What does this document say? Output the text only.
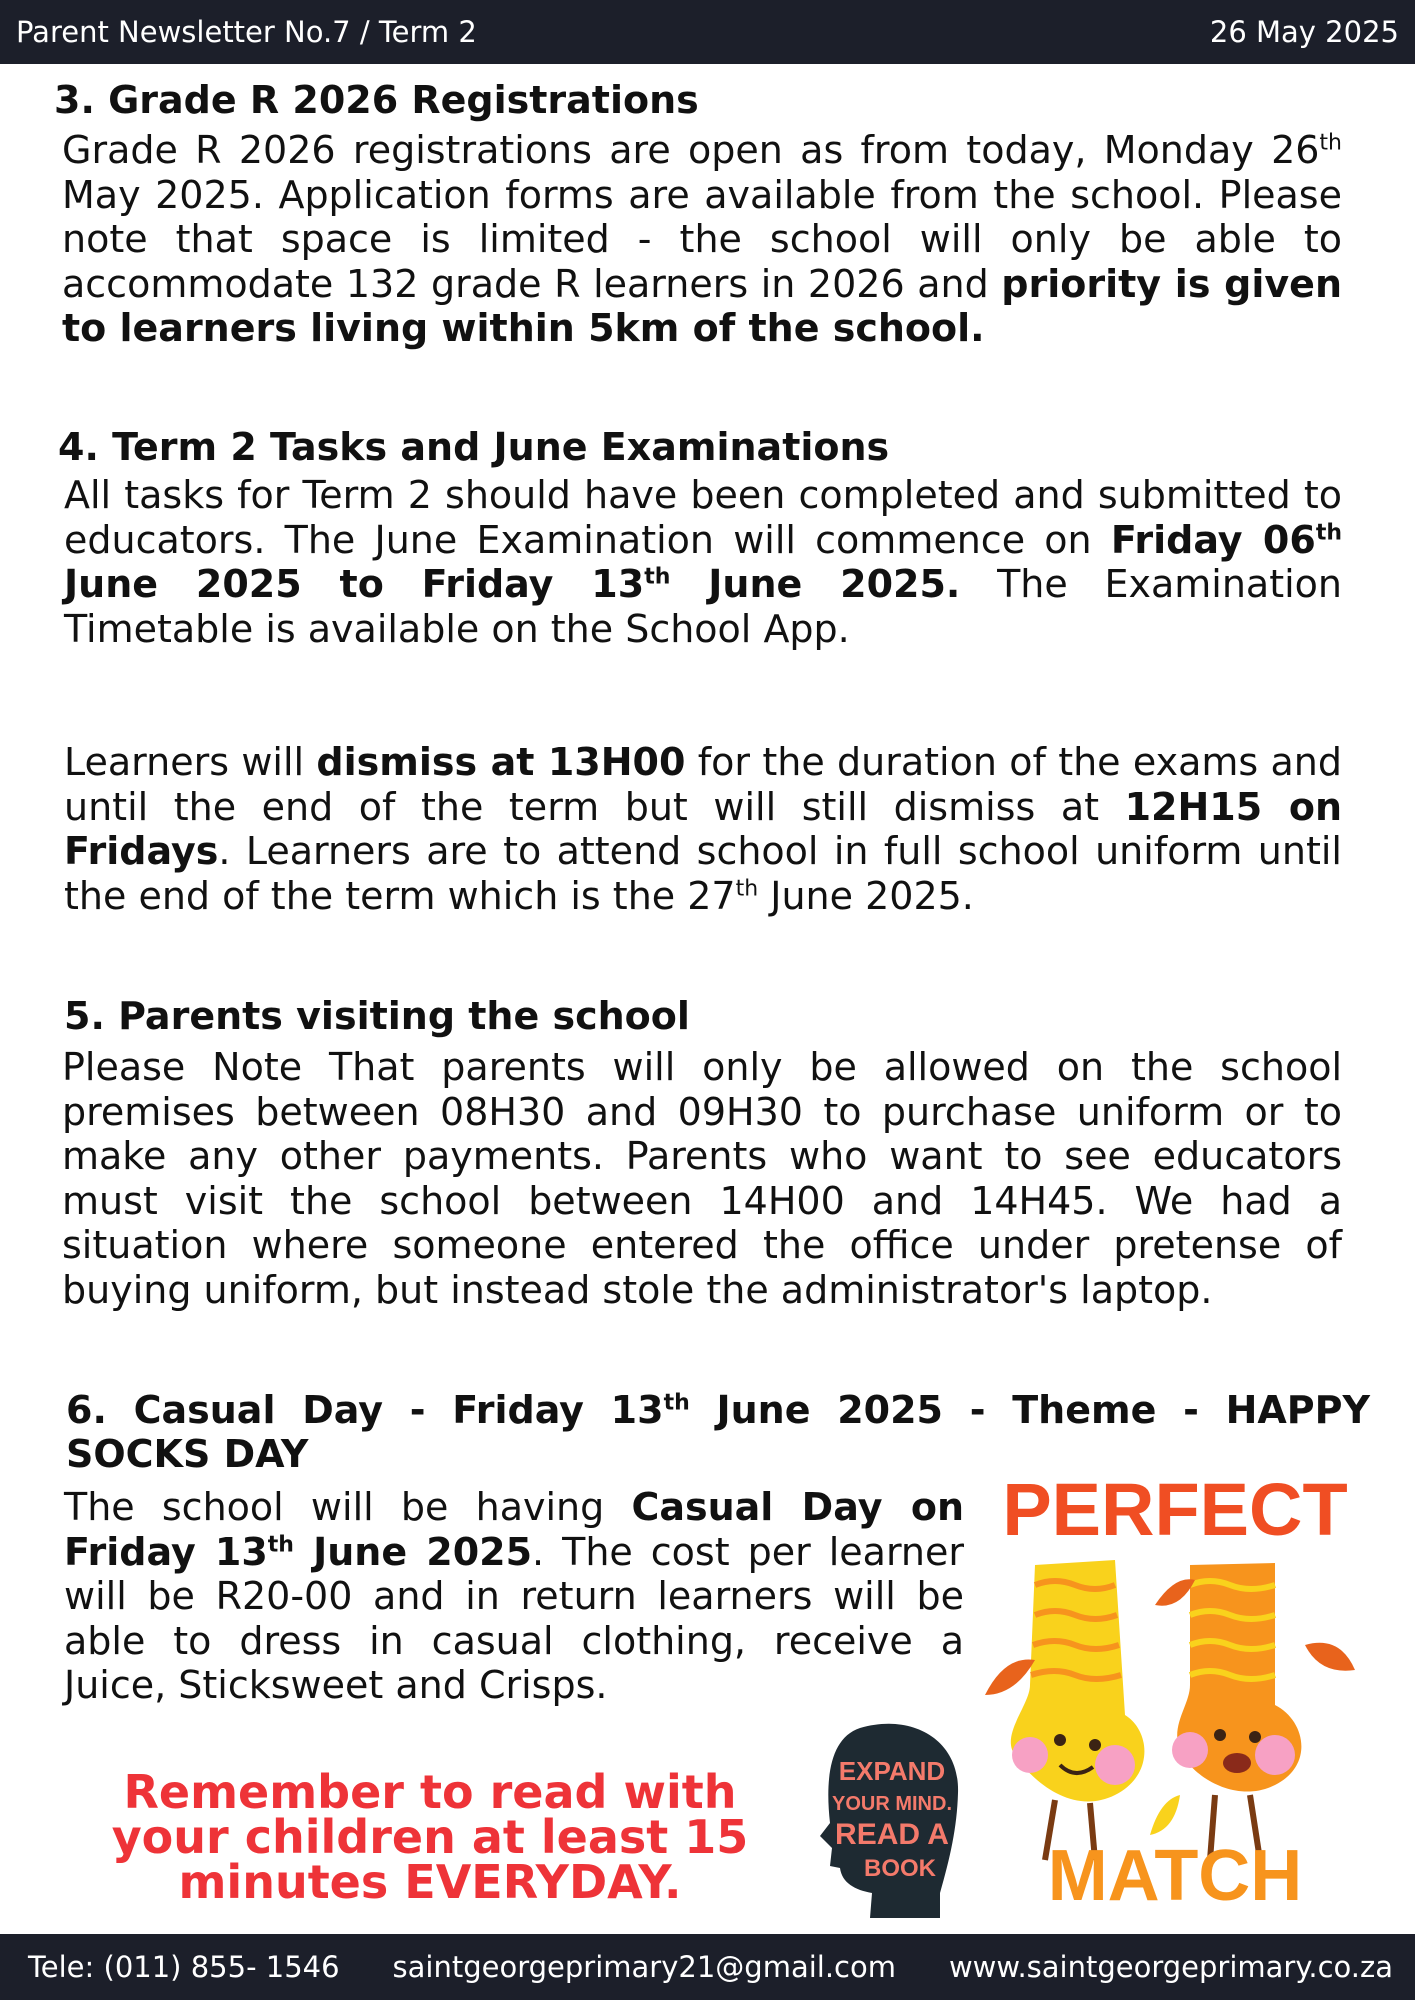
Parent Newsletter No.7 / Term 2	26 May 2025
3. Grade R 2026 Registrations

Grade R 2026 registrations are open as from today, Monday 26th May 2025. Application forms are available from the school. Please note that space is limited - the school will only be able to accommodate 132 grade R learners in 2026 and priority is given to learners living within 5km of the school.

4. Term 2 Tasks and June Examinations

All tasks for Term 2 should have been completed and submitted to educators. The June Examination will commence on Friday 06th June 2025 to Friday 13th June 2025. The Examination Timetable is available on the School App.

Learners will dismiss at 13H00 for the duration of the exams and until the end of the term but will still dismiss at 12H15 on Fridays. Learners are to attend school in full school uniform until the end of the term which is the 27th June 2025.

5. Parents visiting the school

Please Note That parents will only be allowed on the school premises between 08H30 and 09H30 to purchase uniform or to make any other payments. Parents who want to see educators must visit the school between 14H00 and 14H45. We had a situation where someone entered the office under pretense of buying uniform, but instead stole the administrator's laptop.

6. Casual Day - Friday 13th June 2025 - Theme - HAPPY SOCKS DAY

The school will be having Casual Day on Friday 13th June 2025. The cost per learner will be R20-00 and in return learners will be able to dress in casual clothing, receive a Juice, Sticksweet and Crisps.

Remember to read with your children at least 15 minutes EVERYDAY.
EXPAND
YOUR MIND.
READ A
BOOK
PERFECT
MATCH
Tele: (011) 855- 1546 saintgeorgeprimary21@gmail.com www.saintgeorgeprimary.co.za
